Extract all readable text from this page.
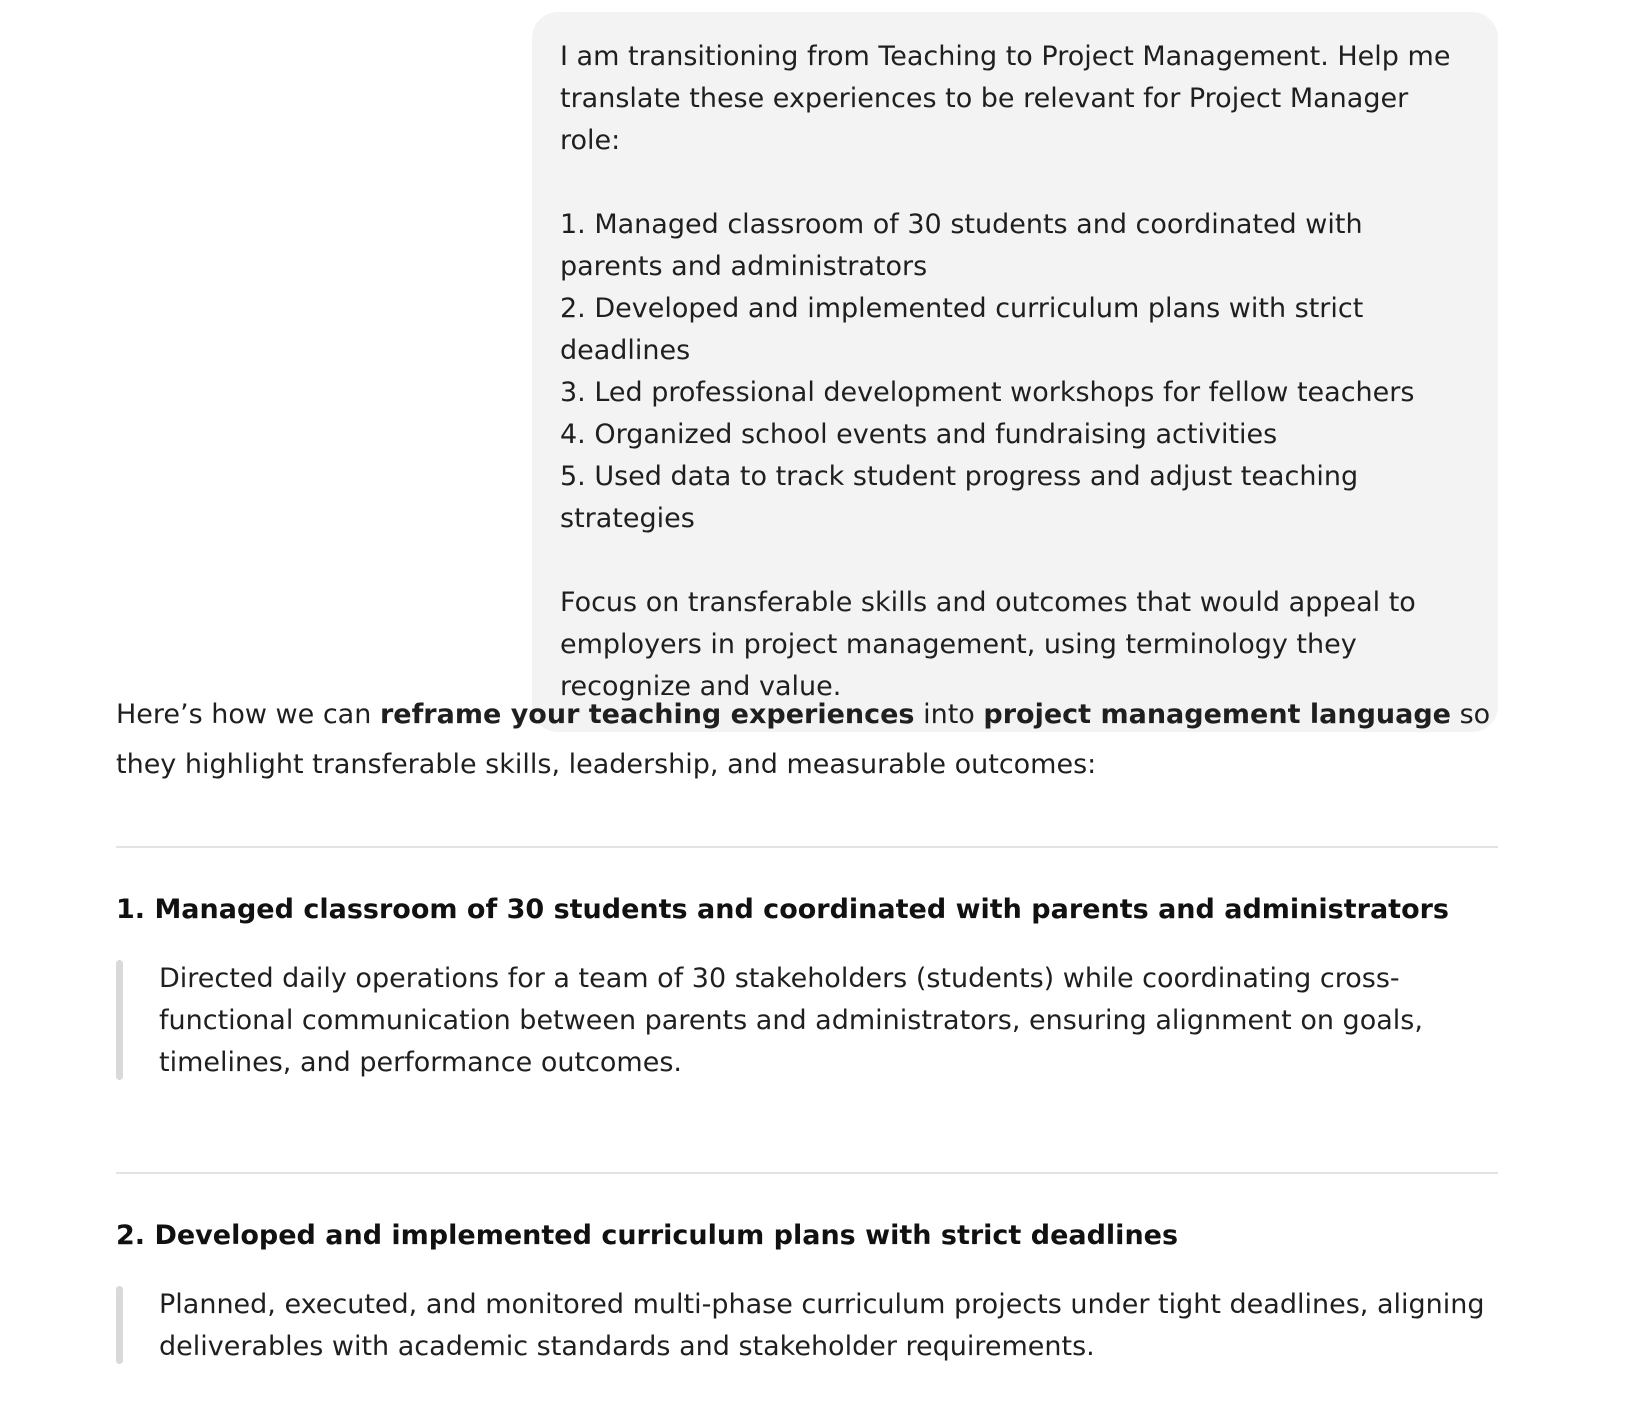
I am transitioning from Teaching to Project Management. Help me translate these experiences to be relevant for Project Manager role:

1. Managed classroom of 30 students and coordinated with parents and administrators

2. Developed and implemented curriculum plans with strict deadlines

3. Led professional development workshops for fellow teachers

4. Organized school events and fundraising activities

5. Used data to track student progress and adjust teaching strategies

Focus on transferable skills and outcomes that would appeal to employers in project management, using terminology they recognize and value.

Here’s how we can reframe your teaching experiences into project management language so they highlight transferable skills, leadership, and measurable outcomes:

1. Managed classroom of 30 students and coordinated with parents and administrators

Directed daily operations for a team of 30 stakeholders (students) while coordinating cross-functional communication between parents and administrators, ensuring alignment on goals, timelines, and performance outcomes.

2. Developed and implemented curriculum plans with strict deadlines

Planned, executed, and monitored multi-phase curriculum projects under tight deadlines, aligning deliverables with academic standards and stakeholder requirements.
